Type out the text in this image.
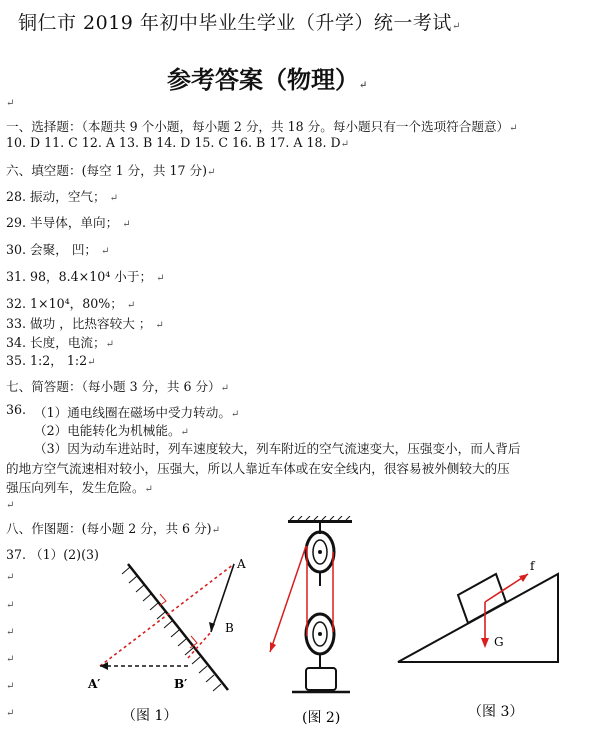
铜仁市 2019 年初中毕业生学业（升学）统一考试↵
参考答案（物理）↵
↵
一、选择题：（本题共 9 个小题，每小题 2 分，共 18 分。每小题只有一个选项符合题意）↵
10. D 11. C 12. A 13. B 14. D 15. C 16. B 17. A 18. D↵
六、填空题：(每空 1 分，共 17 分)↵
28. 振动，空气； ↵
29. 半导体，单向； ↵
30. 会聚， 凹； ↵
31. 98，8.4×10⁴ 小于； ↵
32. 1×10⁴，80%； ↵
33. 做功 ，比热容较大 ； ↵
34. 长度，电流；↵
35. 1:2， 1:2↵
七、简答题：（每小题 3 分，共 6 分）↵
36. （1）通电线圈在磁场中受力转动。↵
（2）电能转化为机械能。↵
（3）因为动车进站时，列车速度较大，列车附近的空气流速变大，压强变小，而人背后
的地方空气流速相对较小，压强大，所以人靠近车体或在安全线内，很容易被外侧较大的压
强压向列车，发生危险。↵
↵
八、作图题：(每小题 2 分，共 6 分)↵
37. （1）(2)(3)
↵
↵
↵
↵
↵
↵
A
B
A′	B′
（图 1）	(图 2)
f
G
（图 3）
